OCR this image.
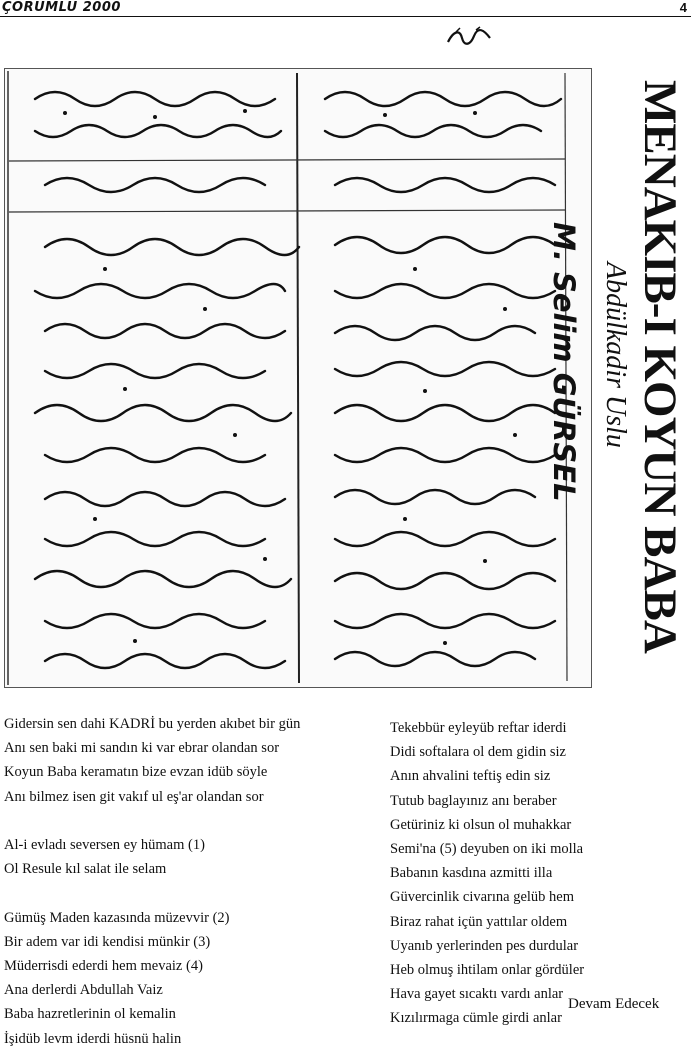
ÇORUMLU 2000	4
MENAKIB-I KOYUN BABA
Abdülkadir Uslu
M. Selim GÜRSEL

Gidersin sen dahi KADRİ bu yerden akıbet bir gün

Anı sen baki mi sandın ki var ebrar olandan sor

Koyun Baba keramatın bize evzan idüb söyle

Anı bilmez isen git vakıf ul eş'ar olandan sor

Al-i evladı seversen ey hümam (1)

Ol Resule kıl salat ile selam

Gümüş Maden kazasında müzevvir (2)

Bir adem var idi kendisi münkir (3)

Müderrisdi ederdi hem mevaiz (4)

Ana derlerdi Abdullah Vaiz

Baba hazretlerinin ol kemalin

İşidüb levm iderdi hüsnü halin

Tekebbür eyleyüb reftar iderdi

Didi softalara ol dem gidin siz

Anın ahvalini teftiş edin siz

Tutub baglayınız anı beraber

Getüriniz ki olsun ol muhakkar

Semi'na (5) deyuben on iki molla

Babanın kasdına azmitti illa

Güvercinlik civarına gelüb hem

Biraz rahat içün yattılar oldem

Uyanıb yerlerinden pes durdular

Heb olmuş ihtilam onlar gördüler

Hava gayet sıcaktı vardı anlar

Kızılırmaga cümle girdi anlar

Devam Edecek
